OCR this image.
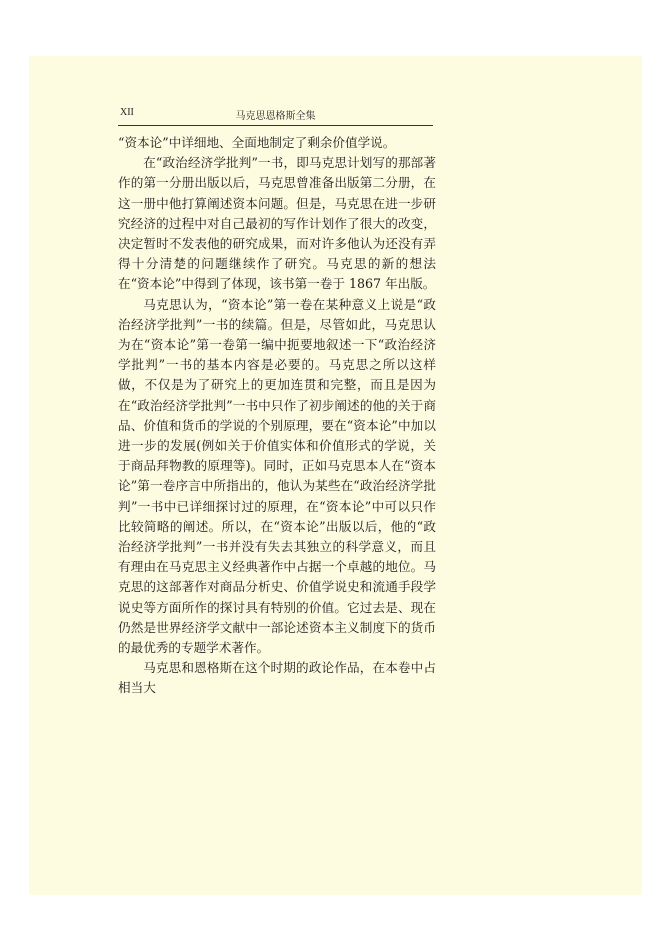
XII	马克思恩格斯全集

“资本论”中详细地、全面地制定了剩余价值学说。

在“政治经济学批判”一书，即马克思计划写的那部著作的第一分册出版以后，马克思曾准备出版第二分册，在这一册中他打算阐述资本问题。但是，马克思在进一步研究经济的过程中对自己最初的写作计划作了很大的改变，决定暂时不发表他的研究成果，而对许多他认为还没有弄得十分清楚的问题继续作了研究。马克思的新的想法在“资本论”中得到了体现，该书第一卷于 1867 年出版。

马克思认为，“资本论”第一卷在某种意义上说是“政治经济学批判”一书的续篇。但是，尽管如此，马克思认为在“资本论”第一卷第一编中扼要地叙述一下“政治经济学批判”一书的基本内容是必要的。马克思之所以这样做，不仅是为了研究上的更加连贯和完整，而且是因为在“政治经济学批判”一书中只作了初步阐述的他的关于商品、价值和货币的学说的个别原理，要在“资本论”中加以进一步的发展(例如关于价值实体和价值形式的学说，关于商品拜物教的原理等)。同时，正如马克思本人在“资本论”第一卷序言中所指出的，他认为某些在“政治经济学批判”一书中已详细探讨过的原理，在“资本论”中可以只作比较简略的阐述。所以，在“资本论”出版以后，他的“政治经济学批判”一书并没有失去其独立的科学意义，而且有理由在马克思主义经典著作中占据一个卓越的地位。马克思的这部著作对商品分析史、价值学说史和流通手段学说史等方面所作的探讨具有特别的价值。它过去是、现在仍然是世界经济学文献中一部论述资本主义制度下的货币的最优秀的专题学术著作。

马克思和恩格斯在这个时期的政论作品，在本卷中占相当大
